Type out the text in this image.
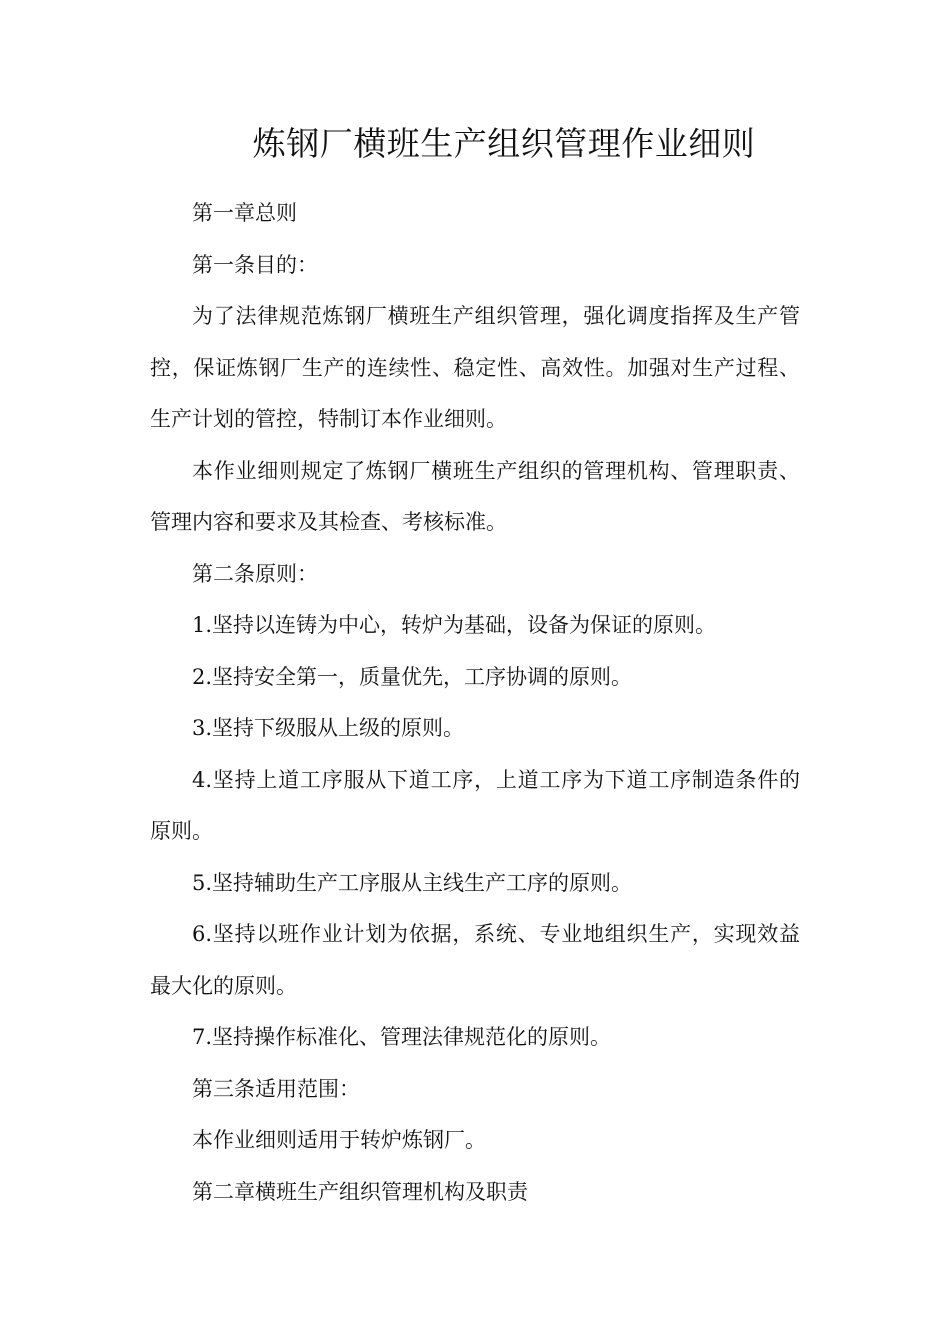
炼钢厂横班生产组织管理作业细则

第一章总则

第一条目的：

为了法律规范炼钢厂横班生产组织管理，强化调度指挥及生产管控，保证炼钢厂生产的连续性、稳定性、高效性。加强对生产过程、生产计划的管控，特制订本作业细则。

本作业细则规定了炼钢厂横班生产组织的管理机构、管理职责、管理内容和要求及其检查、考核标准。

第二条原则：

1.坚持以连铸为中心，转炉为基础，设备为保证的原则。

2.坚持安全第一，质量优先，工序协调的原则。

3.坚持下级服从上级的原则。

4.坚持上道工序服从下道工序，上道工序为下道工序制造条件的原则。

5.坚持辅助生产工序服从主线生产工序的原则。

6.坚持以班作业计划为依据，系统、专业地组织生产，实现效益最大化的原则。

7.坚持操作标准化、管理法律规范化的原则。

第三条适用范围：

本作业细则适用于转炉炼钢厂。

第二章横班生产组织管理机构及职责
